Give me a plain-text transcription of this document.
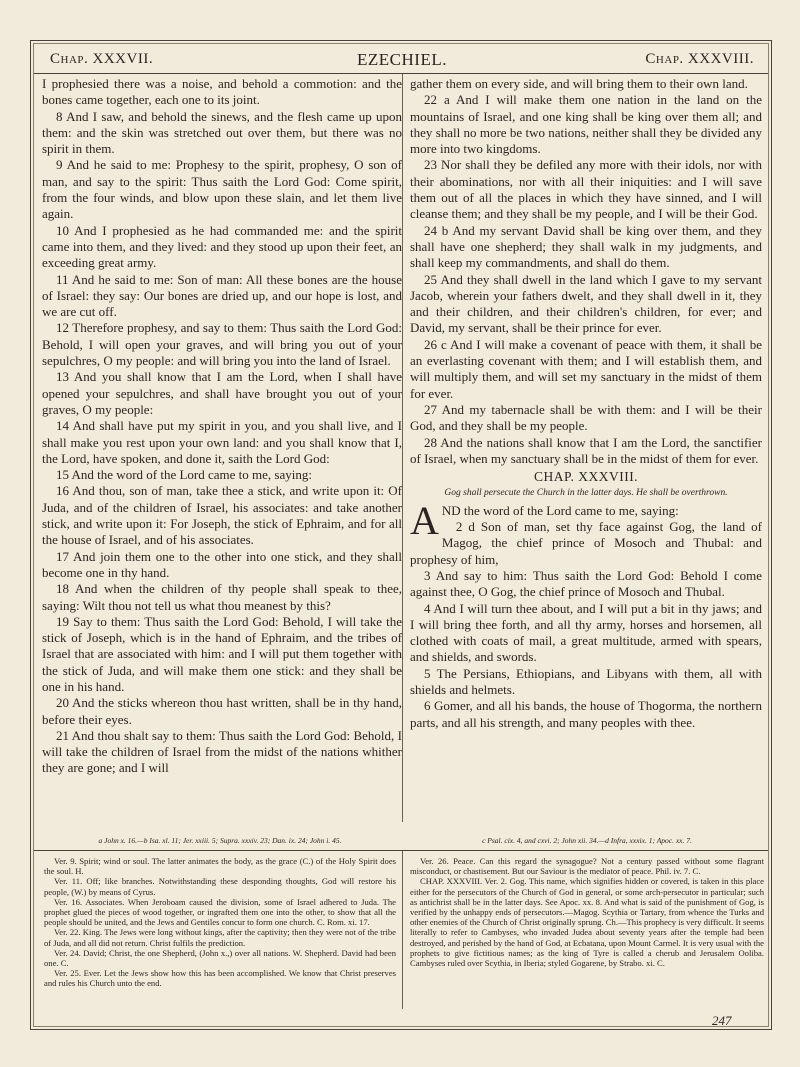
Chap. XXXVII.	EZECHIEL.	Chap. XXXVIII.

I prophesied there was a noise, and behold a commotion: and the bones came together, each one to its joint.

8 And I saw, and behold the sinews, and the flesh came up upon them: and the skin was stretched out over them, but there was no spirit in them.

9 And he said to me: Prophesy to the spirit, prophesy, O son of man, and say to the spirit: Thus saith the Lord God: Come spirit, from the four winds, and blow upon these slain, and let them live again.

10 And I prophesied as he had commanded me: and the spirit came into them, and they lived: and they stood up upon their feet, an exceeding great army.

11 And he said to me: Son of man: All these bones are the house of Israel: they say: Our bones are dried up, and our hope is lost, and we are cut off.

12 Therefore prophesy, and say to them: Thus saith the Lord God: Behold, I will open your graves, and will bring you out of your sepulchres, O my people: and will bring you into the land of Israel.

13 And you shall know that I am the Lord, when I shall have opened your sepulchres, and shall have brought you out of your graves, O my people:

14 And shall have put my spirit in you, and you shall live, and I shall make you rest upon your own land: and you shall know that I, the Lord, have spoken, and done it, saith the Lord God:

15 And the word of the Lord came to me, saying:

16 And thou, son of man, take thee a stick, and write upon it: Of Juda, and of the children of Israel, his associates: and take another stick, and write upon it: For Joseph, the stick of Ephraim, and for all the house of Israel, and of his associates.

17 And join them one to the other into one stick, and they shall become one in thy hand.

18 And when the children of thy people shall speak to thee, saying: Wilt thou not tell us what thou meanest by this?

19 Say to them: Thus saith the Lord God: Behold, I will take the stick of Joseph, which is in the hand of Ephraim, and the tribes of Israel that are associated with him: and I will put them together with the stick of Juda, and will make them one stick: and they shall be one in his hand.

20 And the sticks whereon thou hast written, shall be in thy hand, before their eyes.

21 And thou shalt say to them: Thus saith the Lord God: Behold, I will take the children of Israel from the midst of the nations whither they are gone; and I will

gather them on every side, and will bring them to their own land.

22 a And I will make them one nation in the land on the mountains of Israel, and one king shall be king over them all; and they shall no more be two nations, neither shall they be divided any more into two kingdoms.

23 Nor shall they be defiled any more with their idols, nor with their abominations, nor with all their iniquities: and I will save them out of all the places in which they have sinned, and I will cleanse them; and they shall be my people, and I will be their God.

24 b And my servant David shall be king over them, and they shall have one shepherd; they shall walk in my judgments, and shall keep my commandments, and shall do them.

25 And they shall dwell in the land which I gave to my servant Jacob, wherein your fathers dwelt, and they shall dwell in it, they and their children, and their children's children, for ever; and David, my servant, shall be their prince for ever.

26 c And I will make a covenant of peace with them, it shall be an everlasting covenant with them; and I will establish them, and will multiply them, and will set my sanctuary in the midst of them for ever.

27 And my tabernacle shall be with them: and I will be their God, and they shall be my people.

28 And the nations shall know that I am the Lord, the sanctifier of Israel, when my sanctuary shall be in the midst of them for ever.

CHAP. XXXVIII.
Gog shall persecute the Church in the latter days. He shall be overthrown.

AND the word of the Lord came to me, saying:

2 d Son of man, set thy face against Gog, the land of Magog, the chief prince of Mosoch and Thubal: and prophesy of him,

3 And say to him: Thus saith the Lord God: Behold I come against thee, O Gog, the chief prince of Mosoch and Thubal.

4 And I will turn thee about, and I will put a bit in thy jaws; and I will bring thee forth, and all thy army, horses and horsemen, all clothed with coats of mail, a great multitude, armed with spears, and shields, and swords.

5 The Persians, Ethiopians, and Libyans with them, all with shields and helmets.

6 Gomer, and all his bands, the house of Thogorma, the northern parts, and all his strength, and many peoples with thee.

a John x. 16.—b Isa. xl. 11; Jer. xxiii. 5; Supra. xxxiv. 23; Dan. ix. 24; John i. 45.	c Psal. cix. 4, and cxvi. 2; John xii. 34.—d Infra, xxxix. 1; Apoc. xx. 7.

Ver. 9. Spirit; wind or soul. The latter animates the body, as the grace (C.) of the Holy Spirit does the soul. H.

Ver. 11. Off; like branches. Notwithstanding these desponding thoughts, God will restore his people, (W.) by means of Cyrus.

Ver. 16. Associates. When Jeroboam caused the division, some of Israel adhered to Juda. The prophet glued the pieces of wood together, or ingrafted them one into the other, to show that all the people should be united, and the Jews and Gentiles concur to form one church. C. Rom. xi. 17.

Ver. 22. King. The Jews were long without kings, after the captivity; then they were not of the tribe of Juda, and all did not return. Christ fulfils the prediction.

Ver. 24. David; Christ, the one Shepherd, (John x.,) over all nations. W. Shepherd. David had been one. C.

Ver. 25. Ever. Let the Jews show how this has been accomplished. We know that Christ preserves and rules his Church unto the end.

Ver. 26. Peace. Can this regard the synagogue? Not a century passed without some flagrant misconduct, or chastisement. But our Saviour is the mediator of peace. Phil. iv. 7. C.

CHAP. XXXVIII. Ver. 2. Gog. This name, which signifies hidden or covered, is taken in this place either for the persecutors of the Church of God in general, or some arch-persecutor in particular; such as antichrist shall be in the latter days. See Apoc. xx. 8. And what is said of the punishment of Gog, is verified by the unhappy ends of persecutors.—Magog. Scythia or Tartary, from whence the Turks and other enemies of the Church of Christ originally sprung. Ch.—This prophecy is very difficult. It seems literally to refer to Cambyses, who invaded Judea about seventy years after the temple had been destroyed, and perished by the hand of God, at Ecbatana, upon Mount Carmel. It is very usual with the prophets to give fictitious names; as the king of Tyre is called a cherub and Jerusalem Ooliba. Cambyses ruled over Scythia, in Iberia; styled Gogarene, by Strabo. xi. C.

247
